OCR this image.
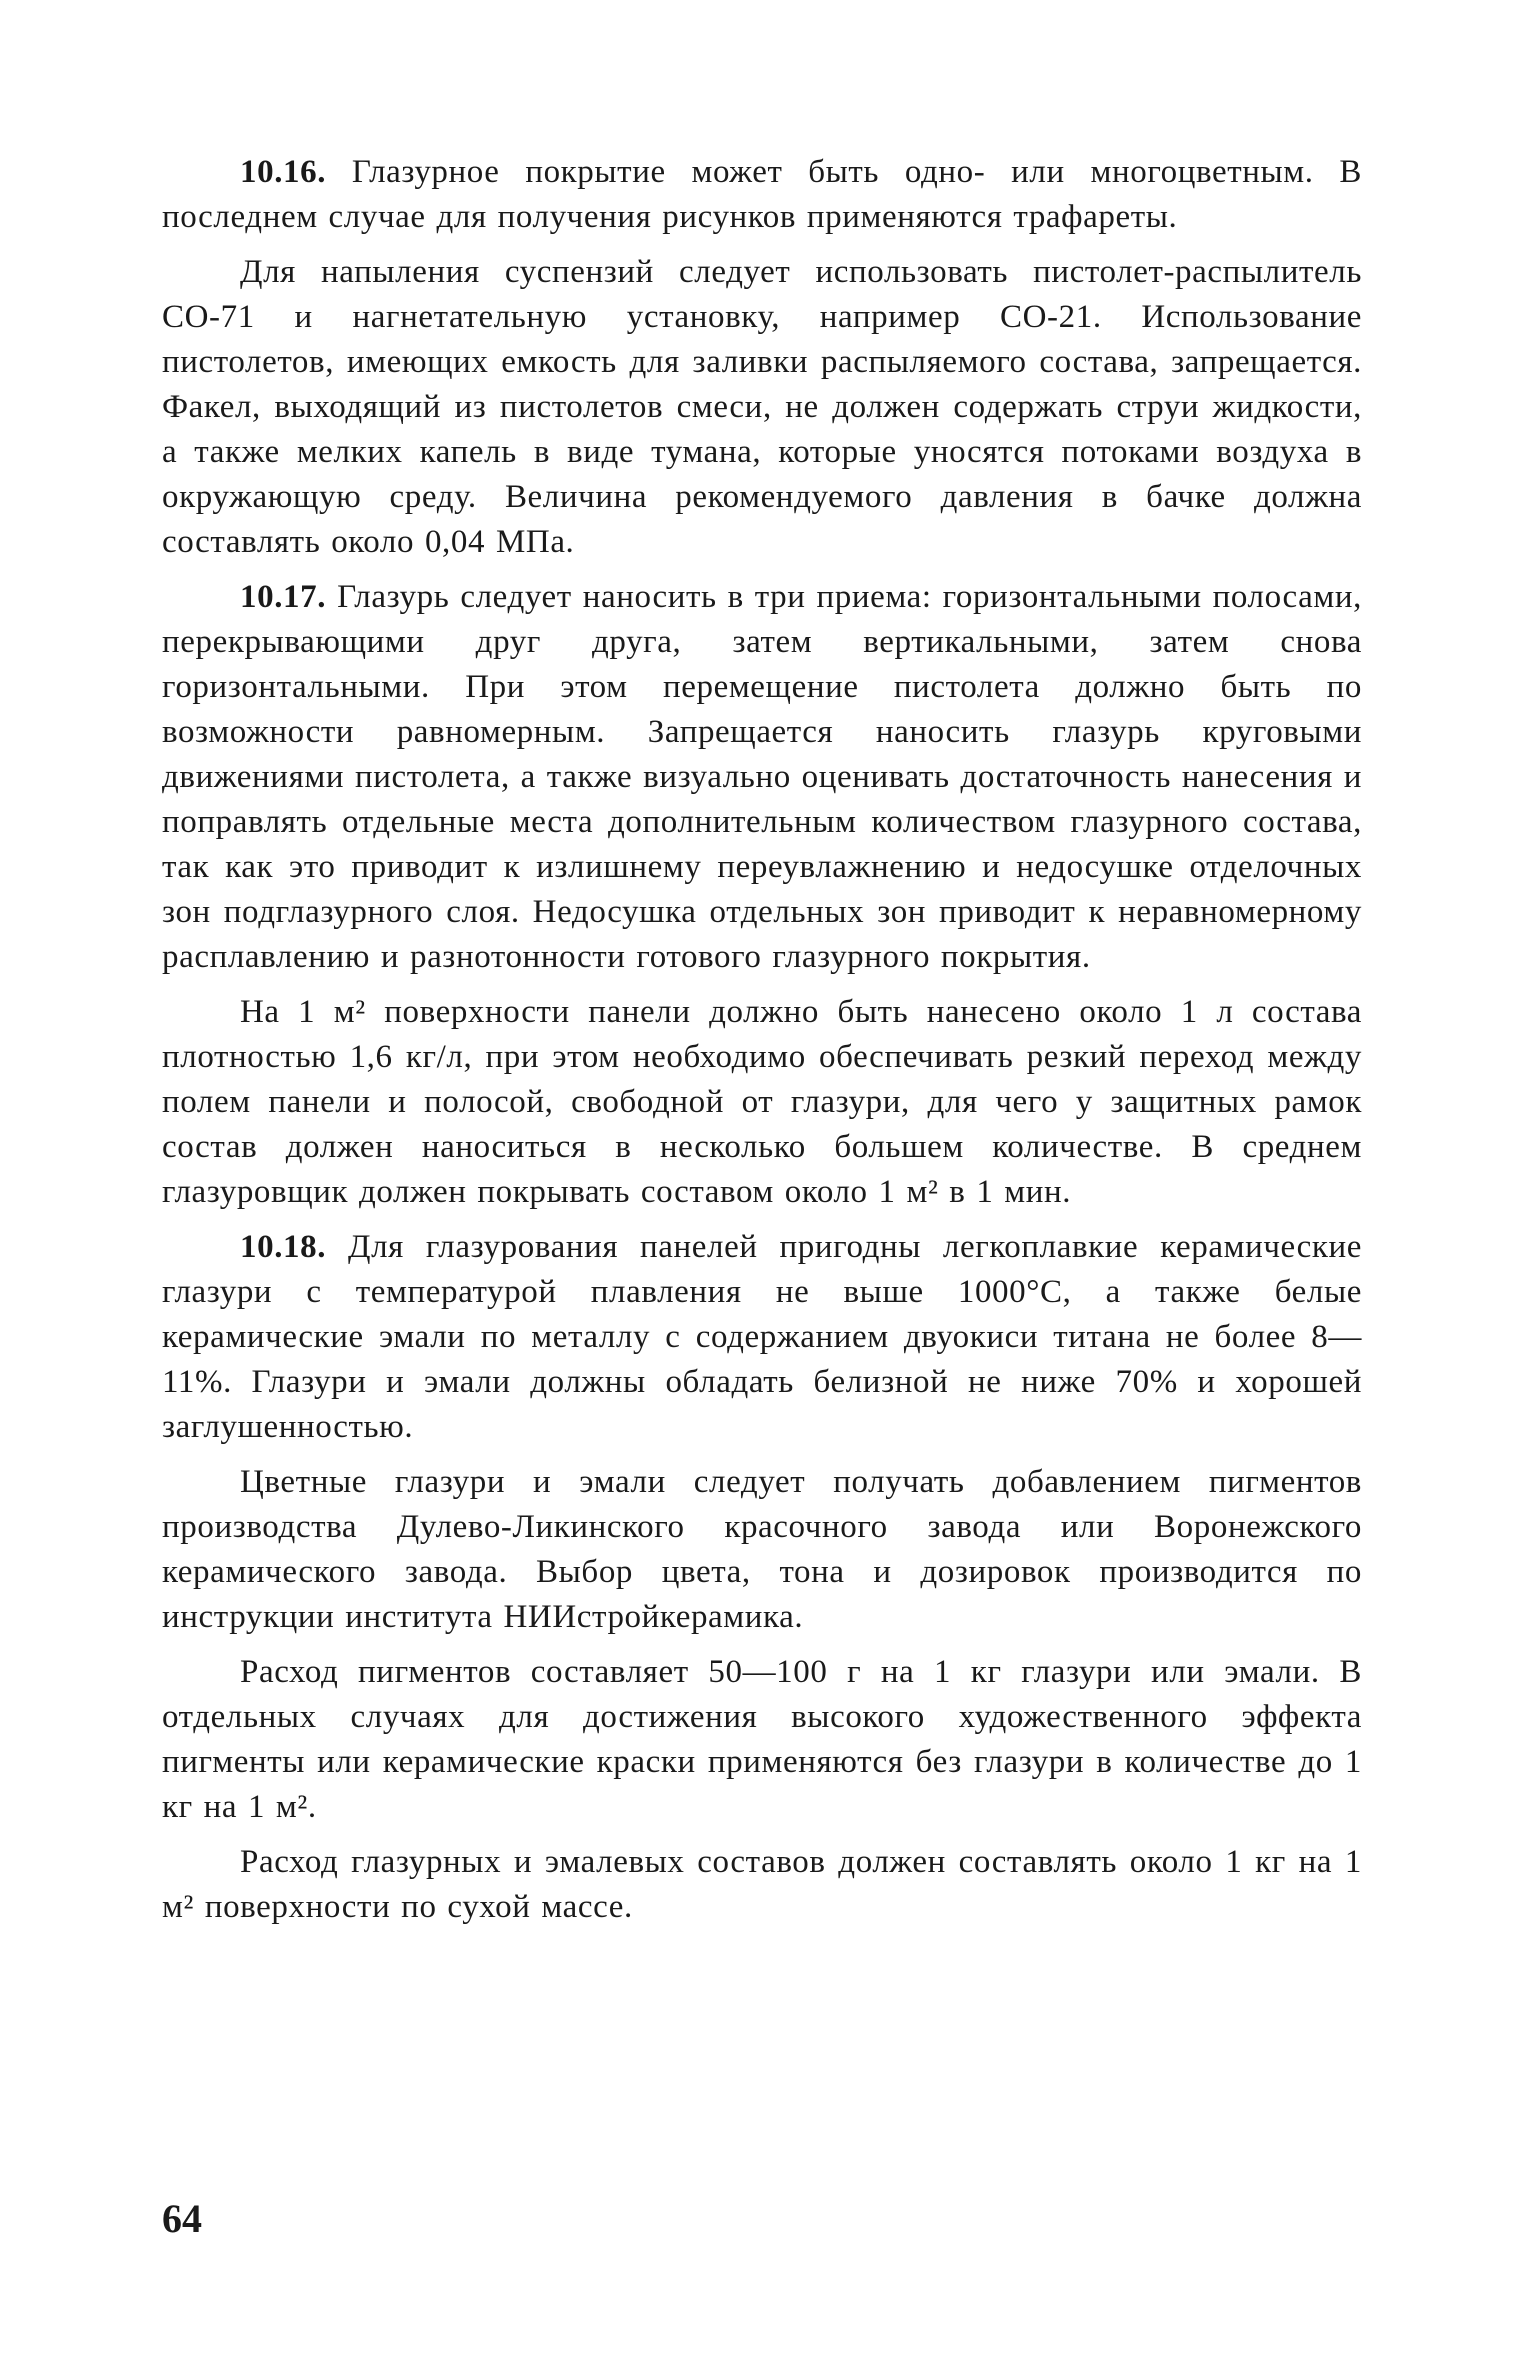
10.16. Глазурное покрытие может быть одно- или многоцветным. В последнем случае для получения рисунков применяются трафареты.

Для напыления суспензий следует использовать пистолет-распылитель СО-71 и нагнетательную установку, например СО-21. Использование пистолетов, имеющих емкость для заливки распыляемого состава, запрещается. Факел, выходящий из пистолетов смеси, не должен содержать струи жидкости, а также мелких капель в виде тумана, которые уносятся потоками воздуха в окружающую среду. Величина рекомендуемого давления в бачке должна составлять около 0,04 МПа.

10.17. Глазурь следует наносить в три приема: горизонтальными полосами, перекрывающими друг друга, затем вертикальными, затем снова горизонтальными. При этом перемещение пистолета должно быть по возможности равномерным. Запрещается наносить глазурь круговыми движениями пистолета, а также визуально оценивать достаточность нанесения и поправлять отдельные места дополнительным количеством глазурного состава, так как это приводит к излишнему переувлажнению и недосушке отделочных зон подглазурного слоя. Недосушка отдельных зон приводит к неравномерному расплавлению и разнотонности готового глазурного покрытия.

На 1 м² поверхности панели должно быть нанесено около 1 л состава плотностью 1,6 кг/л, при этом необходимо обеспечивать резкий переход между полем панели и полосой, свободной от глазури, для чего у защитных рамок состав должен наноситься в несколько большем количестве. В среднем глазуровщик должен покрывать составом около 1 м² в 1 мин.

10.18. Для глазурования панелей пригодны легкоплавкие керамические глазури с температурой плавления не выше 1000°С, а также белые керамические эмали по металлу с содержанием двуокиси титана не более 8—11%. Глазури и эмали должны обладать белизной не ниже 70% и хорошей заглушенностью.

Цветные глазури и эмали следует получать добавлением пигментов производства Дулево-Ликинского красочного завода или Воронежского керамического завода. Выбор цвета, тона и дозировок производится по инструкции института НИИстройкерамика.

Расход пигментов составляет 50—100 г на 1 кг глазури или эмали. В отдельных случаях для достижения высокого художественного эффекта пигменты или керамические краски применяются без глазури в количестве до 1 кг на 1 м².

Расход глазурных и эмалевых составов должен составлять около 1 кг на 1 м² поверхности по сухой массе.

64
